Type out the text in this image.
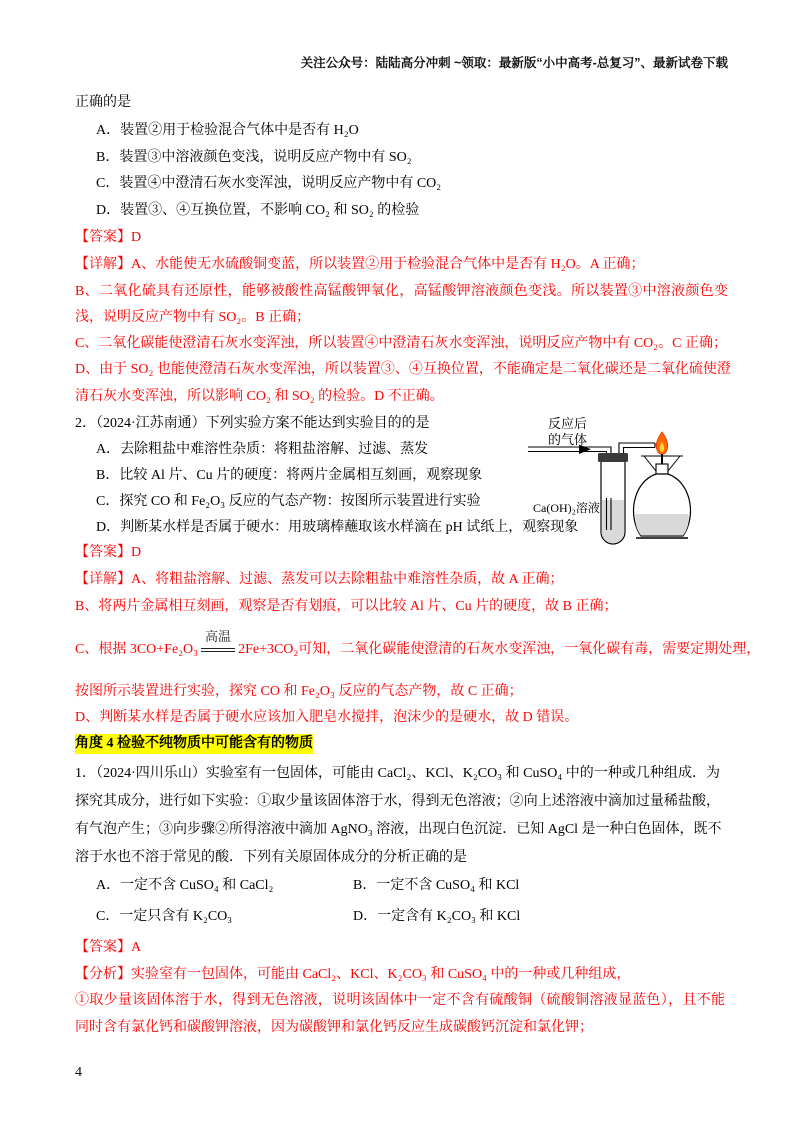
关注公众号：陆陆高分冲刺 ~领取：最新版“小中高考-总复习”、最新试卷下载
正确的是
A．装置②用于检验混合气体中是否有 H₂O
B．装置③中溶液颜色变浅，说明反应产物中有 SO₂
C．装置④中澄清石灰水变浑浊，说明反应产物中有 CO₂
D．装置③、④互换位置，不影响 CO₂ 和 SO₂ 的检验
【答案】D
【详解】A、水能使无水硫酸铜变蓝，所以装置②用于检验混合气体中是否有 H₂O。A 正确；
B、二氧化硫具有还原性，能够被酸性高锰酸钾氧化，高锰酸钾溶液颜色变浅。所以装置③中溶液颜色变
浅，说明反应产物中有 SO₂。B 正确；
C、二氧化碳能使澄清石灰水变浑浊，所以装置④中澄清石灰水变浑浊，说明反应产物中有 CO₂。C 正确；
D、由于 SO₂ 也能使澄清石灰水变浑浊，所以装置③、④互换位置，不能确定是二氧化碳还是二氧化硫使澄
清石灰水变浑浊，所以影响 CO₂ 和 SO₂ 的检验。D 不正确。
2．（2024·江苏南通）下列实验方案不能达到实验目的的是
A．去除粗盐中难溶性杂质：将粗盐溶解、过滤、蒸发
B．比较 Al 片、Cu 片的硬度：将两片金属相互刻画，观察现象
C．探究 CO 和 Fe₂O₃ 反应的气态产物：按图所示装置进行实验
D．判断某水样是否属于硬水：用玻璃棒蘸取该水样滴在 pH 试纸上，观察现象
反应后
的气体
Ca(OH)₂溶液
【答案】D
【详解】A、将粗盐溶解、过滤、蒸发可以去除粗盐中难溶性杂质，故 A 正确；
B、将两片金属相互刻画，观察是否有划痕，可以比较 Al 片、Cu 片的硬度，故 B 正确；
C、根据 3CO+Fe₂O₃
高温
2Fe+3CO₂可知，二氧化碳能使澄清的石灰水变浑浊，一氧化碳有毒，需要定期处理，
按图所示装置进行实验，探究 CO 和 Fe₂O₃ 反应的气态产物，故 C 正确；
D、判断某水样是否属于硬水应该加入肥皂水搅拌，泡沫少的是硬水，故 D 错误。
角度 4 检验不纯物质中可能含有的物质
1．（2024·四川乐山）实验室有一包固体，可能由 CaCl₂、KCl、K₂CO₃ 和 CuSO₄ 中的一种或几种组成．为
探究其成分，进行如下实验：①取少量该固体溶于水，得到无色溶液；②向上述溶液中滴加过量稀盐酸，
有气泡产生；③向步骤②所得溶液中滴加 AgNO₃ 溶液，出现白色沉淀．已知 AgCl 是一种白色固体，既不
溶于水也不溶于常见的酸．下列有关原固体成分的分析正确的是
A．一定不含 CuSO₄ 和 CaCl₂	B．一定不含 CuSO₄ 和 KCl
C．一定只含有 K₂CO₃	D．一定含有 K₂CO₃ 和 KCl
【答案】A
【分析】实验室有一包固体，可能由 CaCl₂、KCl、K₂CO₃ 和 CuSO₄ 中的一种或几种组成，
①取少量该固体溶于水，得到无色溶液，说明该固体中一定不含有硫酸铜（硫酸铜溶液显蓝色），且不能
同时含有氯化钙和碳酸钾溶液，因为碳酸钾和氯化钙反应生成碳酸钙沉淀和氯化钾；
4
